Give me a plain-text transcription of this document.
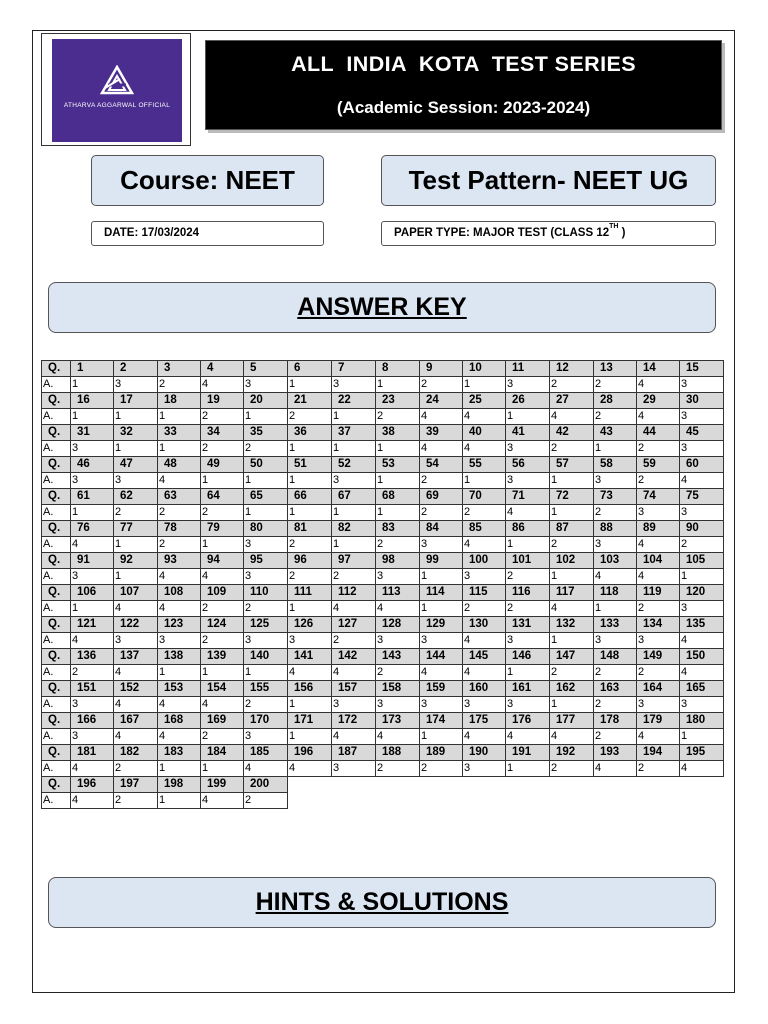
ATHARVA AGGARWAL OFFICIAL
ALL  INDIA  KOTA  TEST SERIES
(Academic Session: 2023-2024)
Course: NEET	Test Pattern- NEET UG
DATE: 17/03/2024	PAPER TYPE: MAJOR TEST (CLASS 12TH )
ANSWER KEY
Q.	1	2	3	4	5	6	7	8	9	10	11	12	13	14	15
A.	1	3	2	4	3	1	3	1	2	1	3	2	2	4	3
Q.	16	17	18	19	20	21	22	23	24	25	26	27	28	29	30
A.	1	1	1	2	1	2	1	2	4	4	1	4	2	4	3
Q.	31	32	33	34	35	36	37	38	39	40	41	42	43	44	45
A.	3	1	1	2	2	1	1	1	4	4	3	2	1	2	3
Q.	46	47	48	49	50	51	52	53	54	55	56	57	58	59	60
A.	3	3	4	1	1	1	3	1	2	1	3	1	3	2	4
Q.	61	62	63	64	65	66	67	68	69	70	71	72	73	74	75
A.	1	2	2	2	1	1	1	1	2	2	4	1	2	3	3
Q.	76	77	78	79	80	81	82	83	84	85	86	87	88	89	90
A.	4	1	2	1	3	2	1	2	3	4	1	2	3	4	2
Q.	91	92	93	94	95	96	97	98	99	100	101	102	103	104	105
A.	3	1	4	4	3	2	2	3	1	3	2	1	4	4	1
Q.	106	107	108	109	110	111	112	113	114	115	116	117	118	119	120
A.	1	4	4	2	2	1	4	4	1	2	2	4	1	2	3
Q.	121	122	123	124	125	126	127	128	129	130	131	132	133	134	135
A.	4	3	3	2	3	3	2	3	3	4	3	1	3	3	4
Q.	136	137	138	139	140	141	142	143	144	145	146	147	148	149	150
A.	2	4	1	1	1	4	4	2	4	4	1	2	2	2	4
Q.	151	152	153	154	155	156	157	158	159	160	161	162	163	164	165
A.	3	4	4	4	2	1	3	3	3	3	3	1	2	3	3
Q.	166	167	168	169	170	171	172	173	174	175	176	177	178	179	180
A.	3	4	4	2	3	1	4	4	1	4	4	4	2	4	1
Q.	181	182	183	184	185	196	187	188	189	190	191	192	193	194	195
A.	4	2	1	1	4	4	3	2	2	3	1	2	4	2	4
Q.	196	197	198	199	200										
A.	4	2	1	4	2										
HINTS & SOLUTIONS
